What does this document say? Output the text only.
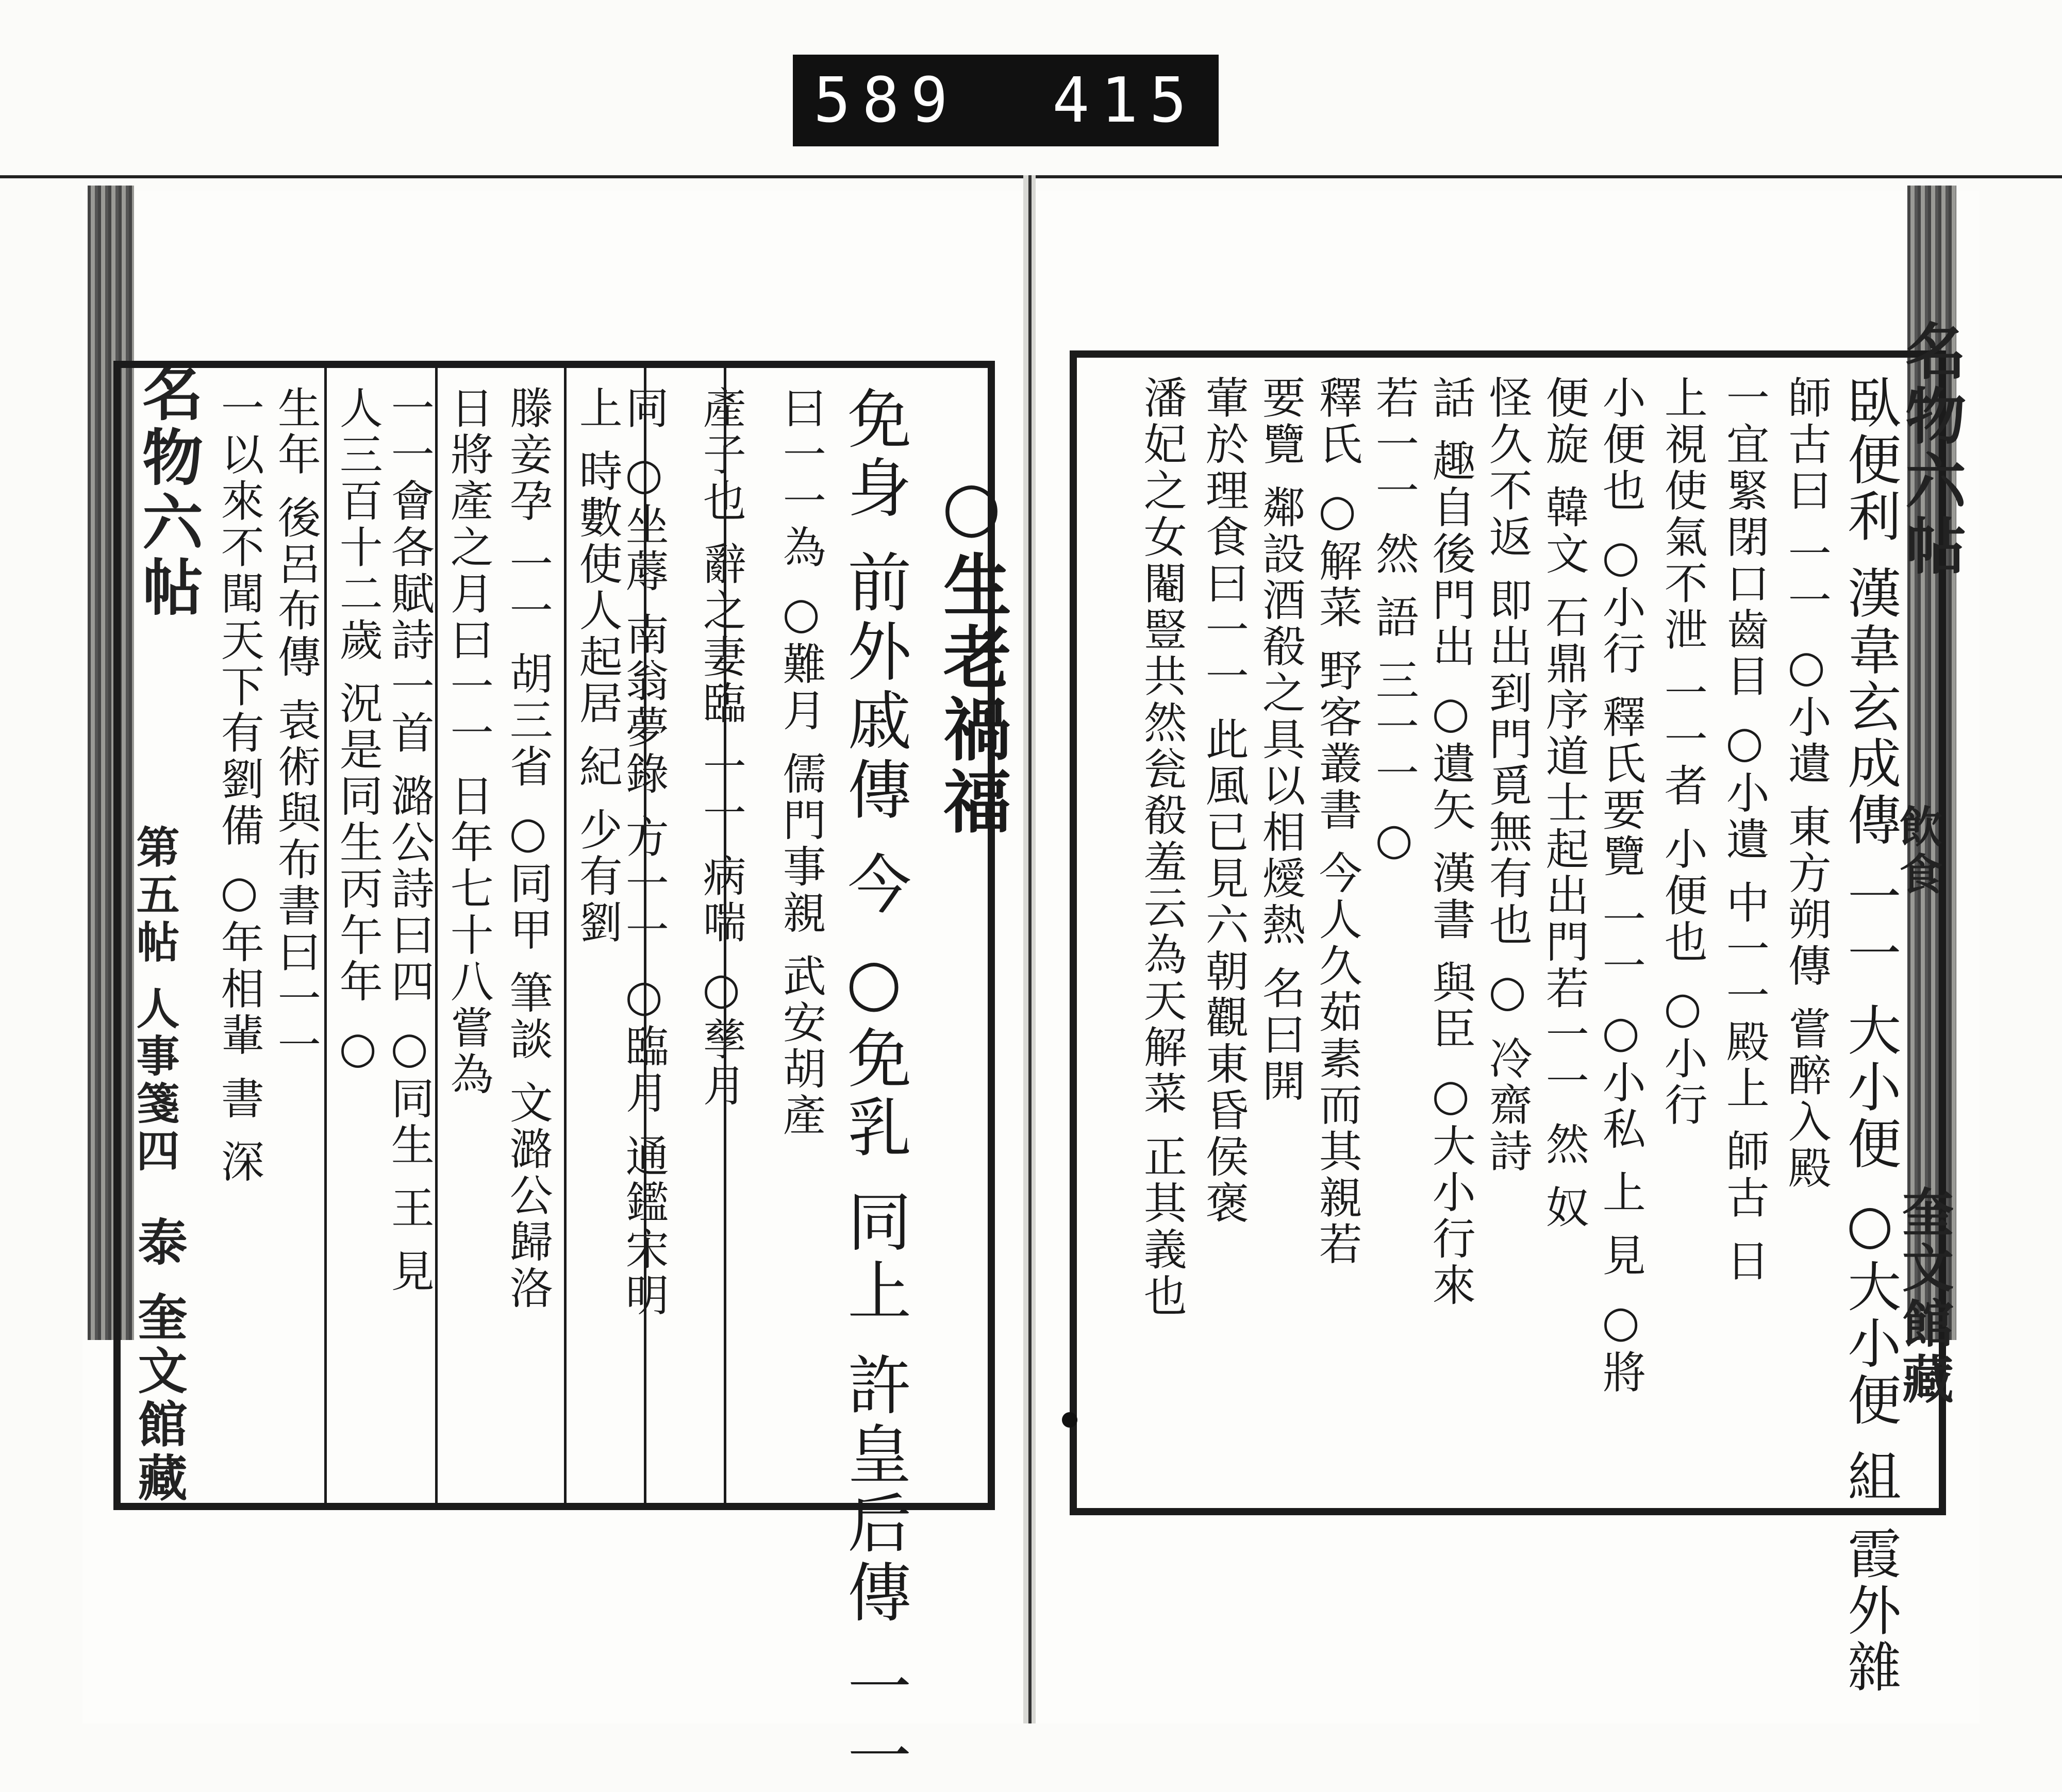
589 415
名物六帖
第五帖 人事箋四
泰 奎文館藏
○生老禍福
免身 前外戚傳 今 ○免乳 同上 許皇后傳 一一
曰一一為 ○難月 儒門事親 武安胡產
產子也 辭之妻臨 一一 病喘 ○孳月
同 ○坐蓐 南翁夢錄 方一一 ○臨月 通鑑宋明
上 時數使人起居 紀 少有劉
滕妾孕 一一 胡三省 ○同甲 筆談 文潞公歸洛
日將產之月曰一一 日年七十八嘗為
一一會各賦詩一首 潞公詩曰四 ○同生 王 見
人三百十二歲 況是同生丙午年 ○
生年 後呂布傳 袁術與布書曰一一
一以來不聞天下有劉備 ○年相輩 書 深	臥便利 漢韋玄成傳 一一 大小便 ○大小便 組 霞外雜
師古曰 一一 ○小遺 東方朔傳 嘗醉入殿
一宜緊閉口齒目 ○小遺 中一一殿上 師古 日
上視使氣不泄 一一者 小便也 ○小行
小便也 ○小行 釋氏要覽 一一 ○小私 上 見 ○將
便旋 韓文 石鼎序道士起出門若一一 然 奴
怪久不返 即出到門覓無有也 ○ 冷齋詩
話 趣自後門出 ○遺矢 漢書 與臣 ○大小行來
若一一 然 語 三一一 ○
釋氏 ○解菜 野客叢書 今人久茹素而其親若
要覽 鄰設酒殽之具以相燰熱 名曰開
葷於理食曰一一 此風已見六朝觀東昏侯褒
潘妃之女閹豎共然瓮殽羞云為天解菜 正其義也	名物六帖
飲食
奎文館藏
